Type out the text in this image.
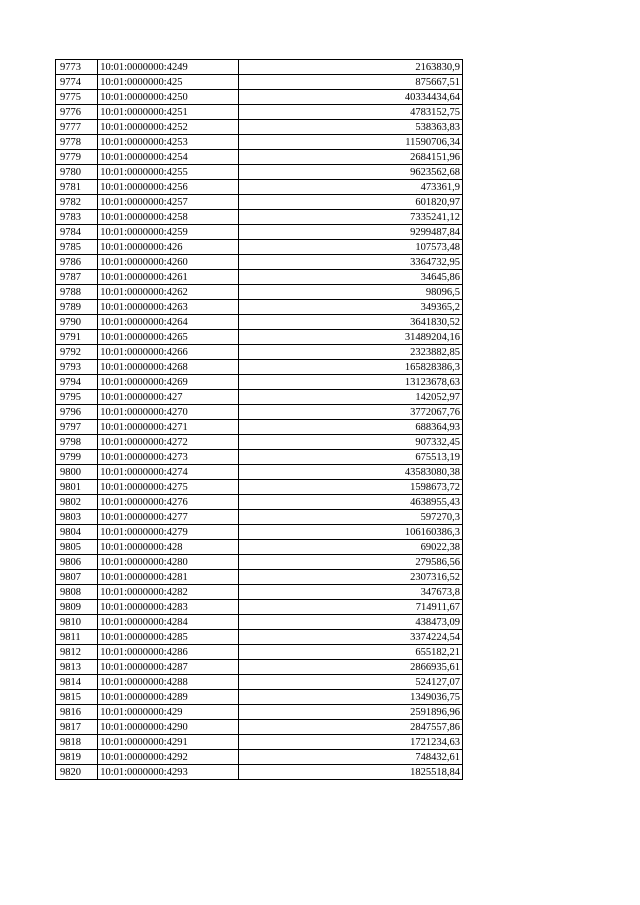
9773	10:01:0000000:4249	2163830,9
9774	10:01:0000000:425	875667,51
9775	10:01:0000000:4250	40334434,64
9776	10:01:0000000:4251	4783152,75
9777	10:01:0000000:4252	538363,83
9778	10:01:0000000:4253	11590706,34
9779	10:01:0000000:4254	2684151,96
9780	10:01:0000000:4255	9623562,68
9781	10:01:0000000:4256	473361,9
9782	10:01:0000000:4257	601820,97
9783	10:01:0000000:4258	7335241,12
9784	10:01:0000000:4259	9299487,84
9785	10:01:0000000:426	107573,48
9786	10:01:0000000:4260	3364732,95
9787	10:01:0000000:4261	34645,86
9788	10:01:0000000:4262	98096,5
9789	10:01:0000000:4263	349365,2
9790	10:01:0000000:4264	3641830,52
9791	10:01:0000000:4265	31489204,16
9792	10:01:0000000:4266	2323882,85
9793	10:01:0000000:4268	165828386,3
9794	10:01:0000000:4269	13123678,63
9795	10:01:0000000:427	142052,97
9796	10:01:0000000:4270	3772067,76
9797	10:01:0000000:4271	688364,93
9798	10:01:0000000:4272	907332,45
9799	10:01:0000000:4273	675513,19
9800	10:01:0000000:4274	43583080,38
9801	10:01:0000000:4275	1598673,72
9802	10:01:0000000:4276	4638955,43
9803	10:01:0000000:4277	597270,3
9804	10:01:0000000:4279	106160386,3
9805	10:01:0000000:428	69022,38
9806	10:01:0000000:4280	279586,56
9807	10:01:0000000:4281	2307316,52
9808	10:01:0000000:4282	347673,8
9809	10:01:0000000:4283	714911,67
9810	10:01:0000000:4284	438473,09
9811	10:01:0000000:4285	3374224,54
9812	10:01:0000000:4286	655182,21
9813	10:01:0000000:4287	2866935,61
9814	10:01:0000000:4288	524127,07
9815	10:01:0000000:4289	1349036,75
9816	10:01:0000000:429	2591896,96
9817	10:01:0000000:4290	2847557,86
9818	10:01:0000000:4291	1721234,63
9819	10:01:0000000:4292	748432,61
9820	10:01:0000000:4293	1825518,84
